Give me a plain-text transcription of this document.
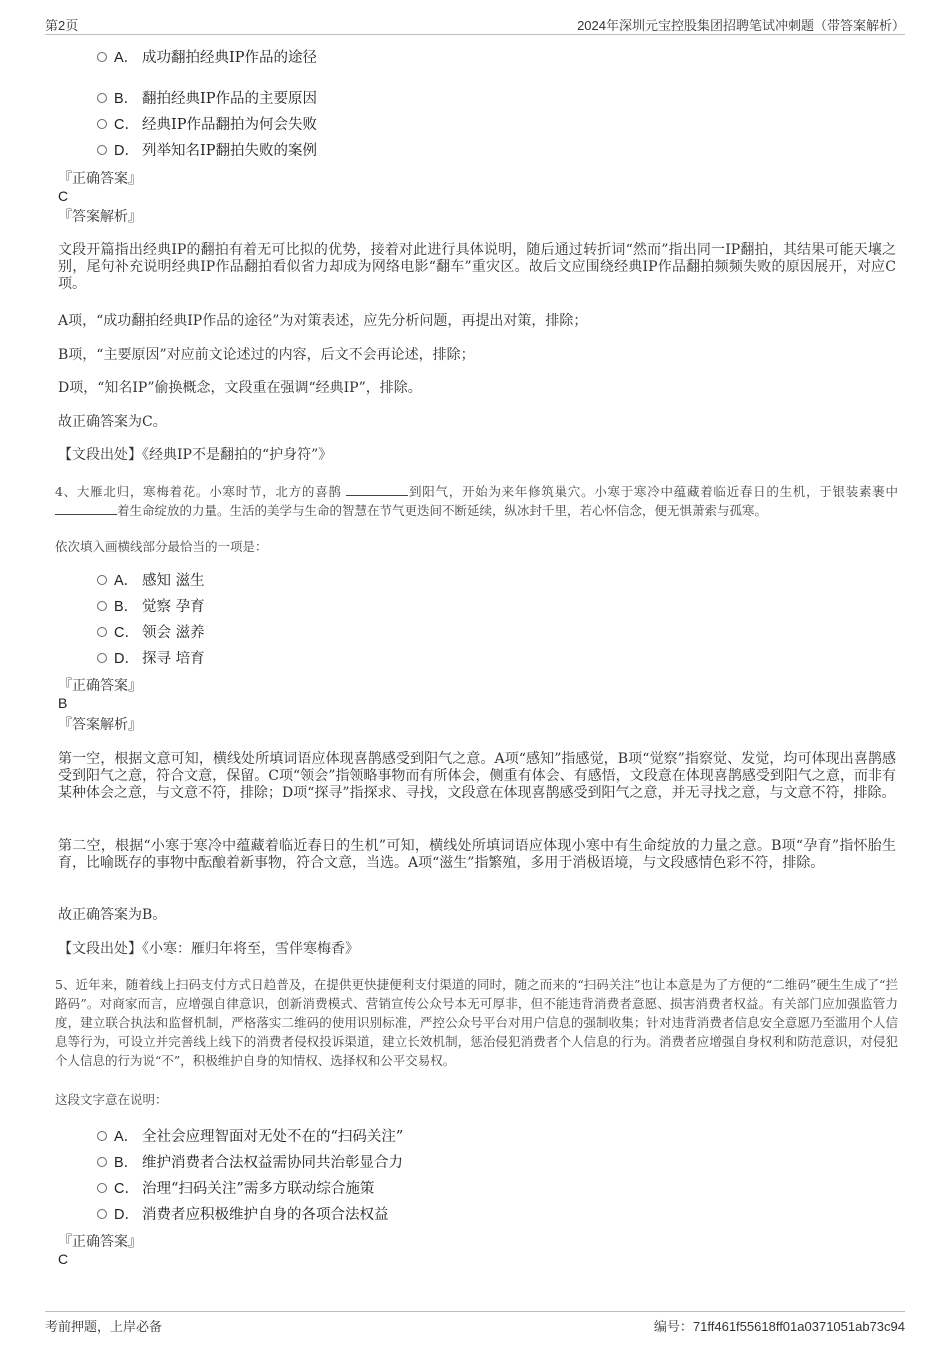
第2页	2024年深圳元宝控股集团招聘笔试冲刺题（带答案解析）
A． 成功翻拍经典IP作品的途径
B． 翻拍经典IP作品的主要原因
C． 经典IP作品翻拍为何会失败
D． 列举知名IP翻拍失败的案例
『正确答案』
C
『答案解析』

文段开篇指出经典IP的翻拍有着无可比拟的优势，接着对此进行具体说明，随后通过转折词“然而”指出同一IP翻拍，其结果可能天壤之别，尾句补充说明经典IP作品翻拍看似省力却成为网络电影“翻车”重灾区。故后文应围绕经典IP作品翻拍频频失败的原因展开，对应C项。

A项，“成功翻拍经典IP作品的途径”为对策表述，应先分析问题，再提出对策，排除；

B项，“主要原因”对应前文论述过的内容，后文不会再论述，排除；

D项，“知名IP”偷换概念，文段重在强调“经典IP”，排除。

故正确答案为C。

【文段出处】《经典IP不是翻拍的“护身符”》

4、大雁北归，寒梅着花。小寒时节，北方的喜鹊	到阳气，开始为来年修筑巢穴。小寒于寒冷中蕴藏着临近春日的生机，于银装素裹中 着生命绽放的力量。生活的美学与生命的智慧在节气更迭间不断延续，纵冰封千里，若心怀信念，便无惧萧索与孤寒。

依次填入画横线部分最恰当的一项是：

A． 感知 滋生
B． 觉察 孕育
C． 领会 滋养
D． 探寻 培育
『正确答案』
B
『答案解析』

第一空，根据文意可知，横线处所填词语应体现喜鹊感受到阳气之意。A项“感知”指感觉，B项“觉察”指察觉、发觉，均可体现出喜鹊感受到阳气之意，符合文意，保留。C项“领会”指领略事物而有所体会，侧重有体会、有感悟，文段意在体现喜鹊感受到阳气之意，而非有某种体会之意，与文意不符，排除；D项“探寻”指探求、寻找，文段意在体现喜鹊感受到阳气之意，并无寻找之意，与文意不符，排除。

第二空，根据“小寒于寒冷中蕴藏着临近春日的生机”可知，横线处所填词语应体现小寒中有生命绽放的力量之意。B项“孕育”指怀胎生育，比喻既存的事物中酝酿着新事物，符合文意，当选。A项“滋生”指繁殖，多用于消极语境，与文段感情色彩不符，排除。

故正确答案为B。

【文段出处】《小寒：雁归年将至，雪伴寒梅香》

5、近年来，随着线上扫码支付方式日趋普及，在提供更快捷便利支付渠道的同时，随之而来的“扫码关注”也让本意是为了方便的“二维码”硬生生成了“拦路码”。对商家而言，应增强自律意识，创新消费模式、营销宣传公众号本无可厚非，但不能违背消费者意愿、损害消费者权益。有关部门应加强监管力度，建立联合执法和监督机制，严格落实二维码的使用识别标准，严控公众号平台对用户信息的强制收集；针对违背消费者信息安全意愿乃至滥用个人信息等行为，可设立并完善线上线下的消费者侵权投诉渠道，建立长效机制，惩治侵犯消费者个人信息的行为。消费者应增强自身权利和防范意识，对侵犯个人信息的行为说“不”，积极维护自身的知情权、选择权和公平交易权。

这段文字意在说明：

A． 全社会应理智面对无处不在的“扫码关注”
B． 维护消费者合法权益需协同共治彰显合力
C． 治理“扫码关注”需多方联动综合施策
D． 消费者应积极维护自身的各项合法权益
『正确答案』
C
考前押题，上岸必备	编号：71ff461f55618ff01a0371051ab73c94
